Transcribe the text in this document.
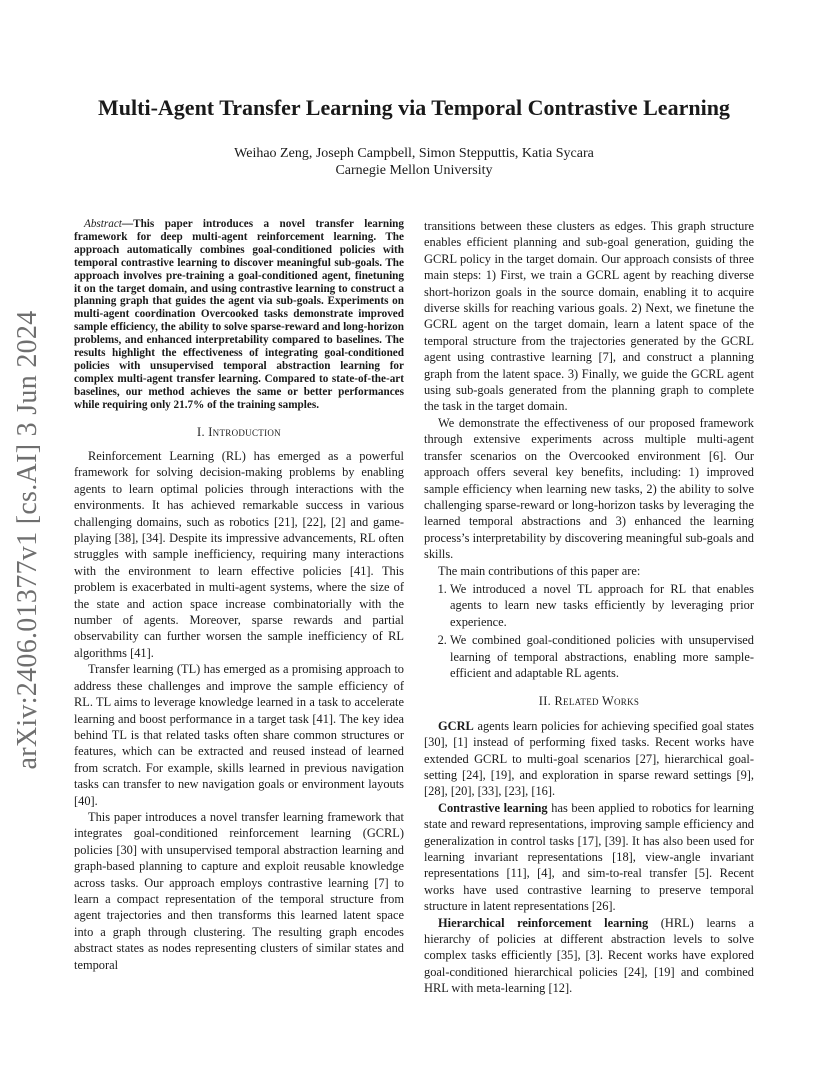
arXiv:2406.01377v1 [cs.AI] 3 Jun 2024
Multi-Agent Transfer Learning via Temporal Contrastive Learning
Weihao Zeng, Joseph Campbell, Simon Stepputtis, Katia Sycara
Carnegie Mellon University

Abstract—This paper introduces a novel transfer learning framework for deep multi-agent reinforcement learning. The approach automatically combines goal-conditioned policies with temporal contrastive learning to discover meaningful sub-goals. The approach involves pre-training a goal-conditioned agent, finetuning it on the target domain, and using contrastive learning to construct a planning graph that guides the agent via sub-goals. Experiments on multi-agent coordination Overcooked tasks demonstrate improved sample efficiency, the ability to solve sparse-reward and long-horizon problems, and enhanced interpretability compared to baselines. The results highlight the effectiveness of integrating goal-conditioned policies with unsupervised temporal abstraction learning for complex multi-agent transfer learning. Compared to state-of-the-art baselines, our method achieves the same or better performances while requiring only 21.7% of the training samples.

I. Introduction

Reinforcement Learning (RL) has emerged as a powerful framework for solving decision-making problems by enabling agents to learn optimal policies through interactions with the environments. It has achieved remarkable success in various challenging domains, such as robotics [21], [22], [2] and game-playing [38], [34]. Despite its impressive advancements, RL often struggles with sample inefficiency, requiring many interactions with the environment to learn effective policies [41]. This problem is exacerbated in multi-agent systems, where the size of the state and action space increase combinatorially with the number of agents. Moreover, sparse rewards and partial observability can further worsen the sample inefficiency of RL algorithms [41].

Transfer learning (TL) has emerged as a promising approach to address these challenges and improve the sample efficiency of RL. TL aims to leverage knowledge learned in a task to accelerate learning and boost performance in a target task [41]. The key idea behind TL is that related tasks often share common structures or features, which can be extracted and reused instead of learned from scratch. For example, skills learned in previous navigation tasks can transfer to new navigation goals or environment layouts [40].

This paper introduces a novel transfer learning framework that integrates goal-conditioned reinforcement learning (GCRL) policies [30] with unsupervised temporal abstraction learning and graph-based planning to capture and exploit reusable knowledge across tasks. Our approach employs contrastive learning [7] to learn a compact representation of the temporal structure from agent trajectories and then transforms this learned latent space into a graph through clustering. The resulting graph encodes abstract states as nodes representing clusters of similar states and temporal

transitions between these clusters as edges. This graph structure enables efficient planning and sub-goal generation, guiding the GCRL policy in the target domain. Our approach consists of three main steps: 1) First, we train a GCRL agent by reaching diverse short-horizon goals in the source domain, enabling it to acquire diverse skills for reaching various goals. 2) Next, we finetune the GCRL agent on the target domain, learn a latent space of the temporal structure from the trajectories generated by the GCRL agent using contrastive learning [7], and construct a planning graph from the latent space. 3) Finally, we guide the GCRL agent using sub-goals generated from the planning graph to complete the task in the target domain.

We demonstrate the effectiveness of our proposed framework through extensive experiments across multiple multi-agent transfer scenarios on the Overcooked environment [6]. Our approach offers several key benefits, including: 1) improved sample efficiency when learning new tasks, 2) the ability to solve challenging sparse-reward or long-horizon tasks by leveraging the learned temporal abstractions and 3) enhanced the learning process’s interpretability by discovering meaningful sub-goals and skills.

The main contributions of this paper are:

1. We introduced a novel TL approach for RL that enables agents to learn new tasks efficiently by leveraging prior experience.
2. We combined goal-conditioned policies with unsupervised learning of temporal abstractions, enabling more sample-efficient and adaptable RL agents.
II. Related Works

GCRL agents learn policies for achieving specified goal states [30], [1] instead of performing fixed tasks. Recent works have extended GCRL to multi-goal scenarios [27], hierarchical goal-setting [24], [19], and exploration in sparse reward settings [9], [28], [20], [33], [23], [16].

Contrastive learning has been applied to robotics for learning state and reward representations, improving sample efficiency and generalization in control tasks [17], [39]. It has also been used for learning invariant representations [18], view-angle invariant representations [11], [4], and sim-to-real transfer [5]. Recent works have used contrastive learning to preserve temporal structure in latent representations [26].

Hierarchical reinforcement learning (HRL) learns a hierarchy of policies at different abstraction levels to solve complex tasks efficiently [35], [3]. Recent works have explored goal-conditioned hierarchical policies [24], [19] and combined HRL with meta-learning [12].
